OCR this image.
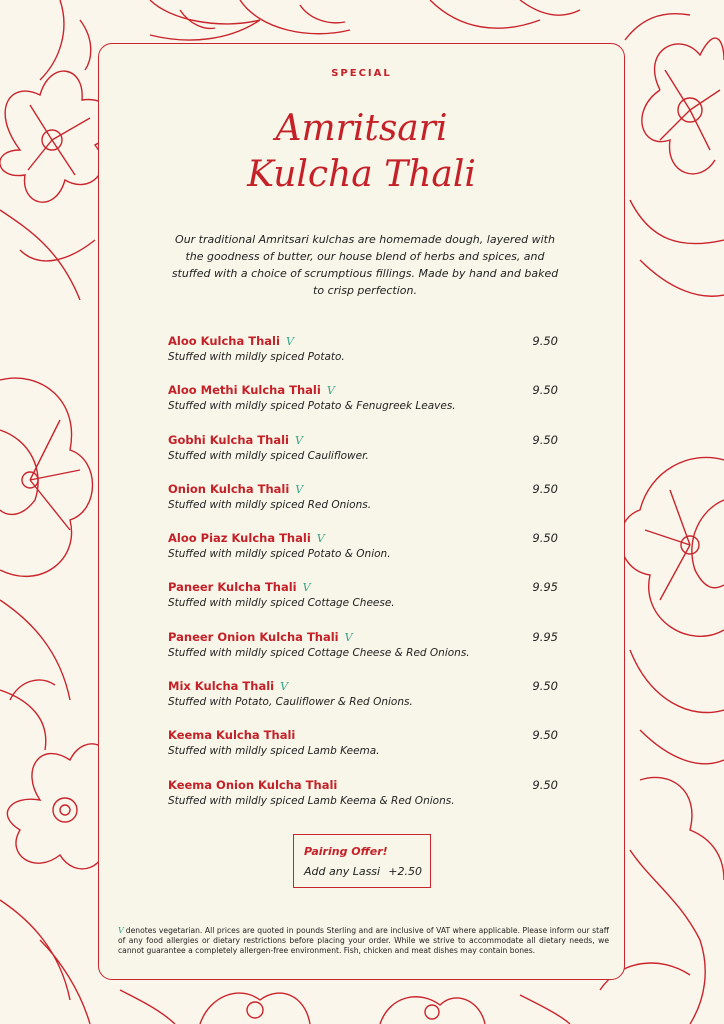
SPECIAL
Amritsari
Kulcha Thali
Our traditional Amritsari kulchas are homemade dough, layered with the goodness of butter, our house blend of herbs and spices, and stuffed with a choice of scrumptious fillings. Made by hand and baked to crisp perfection.
Aloo Kulcha Thali V
Stuffed with mildly spiced Potato.
9.50
Aloo Methi Kulcha Thali V
Stuffed with mildly spiced Potato & Fenugreek Leaves.
9.50
Gobhi Kulcha Thali V
Stuffed with mildly spiced Cauliflower.
9.50
Onion Kulcha Thali V
Stuffed with mildly spiced Red Onions.
9.50
Aloo Piaz Kulcha Thali V
Stuffed with mildly spiced Potato & Onion.
9.50
Paneer Kulcha Thali V
Stuffed with mildly spiced Cottage Cheese.
9.95
Paneer Onion Kulcha Thali V
Stuffed with mildly spiced Cottage Cheese & Red Onions.
9.95
Mix Kulcha Thali V
Stuffed with Potato, Cauliflower & Red Onions.
9.50
Keema Kulcha Thali
Stuffed with mildly spiced Lamb Keema.
9.50
Keema Onion Kulcha Thali
Stuffed with mildly spiced Lamb Keema & Red Onions.
9.50
Pairing Offer!
Add any Lassi +2.50
V denotes vegetarian. All prices are quoted in pounds Sterling and are inclusive of VAT where applicable. Please inform our staff of any food allergies or dietary restrictions before placing your order. While we strive to accommodate all dietary needs, we cannot guarantee a completely allergen-free environment. Fish, chicken and meat dishes may contain bones.
